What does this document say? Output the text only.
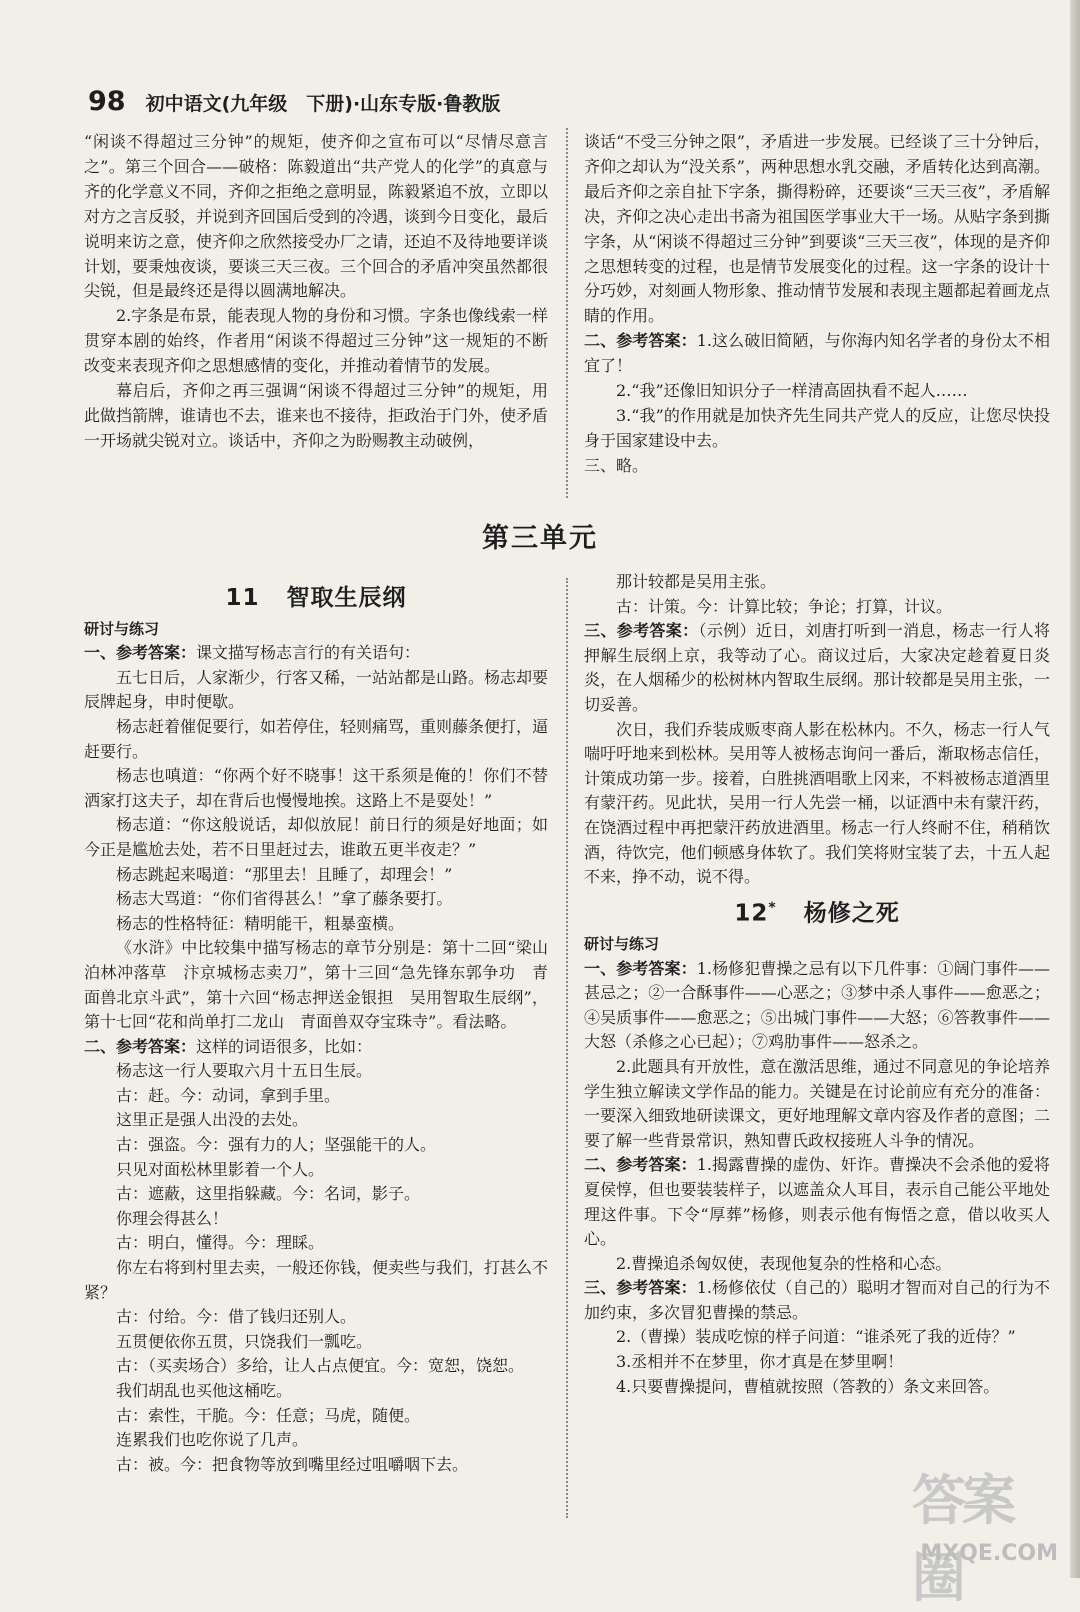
98 初中语文(九年级　下册)·山东专版·鲁教版

“闲谈不得超过三分钟”的规矩，使齐仰之宣布可以“尽情尽意言之”。第三个回合——破格：陈毅道出“共产党人的化学”的真意与齐的化学意义不同，齐仰之拒绝之意明显，陈毅紧追不放，立即以对方之言反驳，并说到齐回国后受到的冷遇，谈到今日变化，最后说明来访之意，使齐仰之欣然接受办厂之请，还迫不及待地要详谈计划，要秉烛夜谈，要谈三天三夜。三个回合的矛盾冲突虽然都很尖锐，但是最终还是得以圆满地解决。

2.字条是布景，能表现人物的身份和习惯。字条也像线索一样贯穿本剧的始终，作者用“闲谈不得超过三分钟”这一规矩的不断改变来表现齐仰之思想感情的变化，并推动着情节的发展。

幕启后，齐仰之再三强调“闲谈不得超过三分钟”的规矩，用此做挡箭牌，谁请也不去，谁来也不接待，拒政治于门外，使矛盾一开场就尖锐对立。谈话中，齐仰之为盼赐教主动破例，

谈话“不受三分钟之限”，矛盾进一步发展。已经谈了三十分钟后，齐仰之却认为“没关系”，两种思想水乳交融，矛盾转化达到高潮。最后齐仰之亲自扯下字条，撕得粉碎，还要谈“三天三夜”，矛盾解决，齐仰之决心走出书斋为祖国医学事业大干一场。从贴字条到撕字条，从“闲谈不得超过三分钟”到要谈“三天三夜”，体现的是齐仰之思想转变的过程，也是情节发展变化的过程。这一字条的设计十分巧妙，对刻画人物形象、推动情节发展和表现主题都起着画龙点睛的作用。

二、参考答案：1.这么破旧简陋，与你海内知名学者的身份太不相宜了！

2.“我”还像旧知识分子一样清高固执看不起人……

3.“我”的作用就是加快齐先生同共产党人的反应，让您尽快投身于国家建设中去。

三、略。

第三单元
11 智取生辰纲

研讨与练习

一、参考答案：课文描写杨志言行的有关语句：

五七日后，人家渐少，行客又稀，一站站都是山路。杨志却要辰牌起身，申时便歇。

杨志赶着催促要行，如若停住，轻则痛骂，重则藤条便打，逼赶要行。

杨志也嗔道：“你两个好不晓事！这干系须是俺的！你们不替洒家打这夫子，却在背后也慢慢地挨。这路上不是耍处！”

杨志道：“你这般说话，却似放屁！前日行的须是好地面；如今正是尴尬去处，若不日里赶过去，谁敢五更半夜走？”

杨志跳起来喝道：“那里去！且睡了，却理会！”

杨志大骂道：“你们省得甚么！”拿了藤条要打。

杨志的性格特征：精明能干，粗暴蛮横。

《水浒》中比较集中描写杨志的章节分别是：第十二回“梁山泊林冲落草　汴京城杨志卖刀”，第十三回“急先锋东郭争功　青面兽北京斗武”，第十六回“杨志押送金银担　吴用智取生辰纲”，第十七回“花和尚单打二龙山　青面兽双夺宝珠寺”。看法略。

二、参考答案：这样的词语很多，比如：

杨志这一行人要取六月十五日生辰。

古：赶。今：动词，拿到手里。

这里正是强人出没的去处。

古：强盗。今：强有力的人；坚强能干的人。

只见对面松林里影着一个人。

古：遮蔽，这里指躲藏。今：名词，影子。

你理会得甚么！

古：明白，懂得。今：理睬。

你左右将到村里去卖，一般还你钱，便卖些与我们，打甚么不紧？

古：付给。今：借了钱归还别人。

五贯便依你五贯，只饶我们一瓢吃。

古：（买卖场合）多给，让人占点便宜。今：宽恕，饶恕。

我们胡乱也买他这桶吃。

古：索性，干脆。今：任意；马虎，随便。

连累我们也吃你说了几声。

古：被。今：把食物等放到嘴里经过咀嚼咽下去。

那计较都是吴用主张。

古：计策。今：计算比较；争论；打算，计议。

三、参考答案：（示例）近日，刘唐打听到一消息，杨志一行人将押解生辰纲上京，我等动了心。商议过后，大家决定趁着夏日炎炎，在人烟稀少的松树林内智取生辰纲。那计较都是吴用主张，一切妥善。

次日，我们乔装成贩枣商人影在松林内。不久，杨志一行人气喘吁吁地来到松林。吴用等人被杨志询问一番后，渐取杨志信任，计策成功第一步。接着，白胜挑酒唱歌上冈来，不料被杨志道酒里有蒙汗药。见此状，吴用一行人先尝一桶，以证酒中未有蒙汗药，在饶酒过程中再把蒙汗药放进酒里。杨志一行人终耐不住，稍稍饮酒，待饮完，他们顿感身体软了。我们笑将财宝装了去，十五人起不来，挣不动，说不得。

12* 杨修之死

研讨与练习

一、参考答案：1.杨修犯曹操之忌有以下几件事：①阔门事件——甚忌之；②一合酥事件——心恶之；③梦中杀人事件——愈恶之；④吴质事件——愈恶之；⑤出城门事件——大怒；⑥答教事件——大怒（杀修之心已起）；⑦鸡肋事件——怒杀之。

2.此题具有开放性，意在激活思维，通过不同意见的争论培养学生独立解读文学作品的能力。关键是在讨论前应有充分的准备：一要深入细致地研读课文，更好地理解文章内容及作者的意图；二要了解一些背景常识，熟知曹氏政权接班人斗争的情况。

二、参考答案：1.揭露曹操的虚伪、奸诈。曹操决不会杀他的爱将夏侯惇，但也要装装样子，以遮盖众人耳目，表示自己能公平地处理这件事。下令“厚葬”杨修，则表示他有悔悟之意，借以收买人心。

2.曹操追杀匈奴使，表现他复杂的性格和心态。

三、参考答案：1.杨修依仗（自己的）聪明才智而对自己的行为不加约束，多次冒犯曹操的禁忌。

2.（曹操）装成吃惊的样子问道：“谁杀死了我的近侍？”

3.丞相并不在梦里，你才真是在梦里啊！

4.只要曹操提问，曹植就按照（答教的）条文来回答。

答案圈
MXQE.COM
